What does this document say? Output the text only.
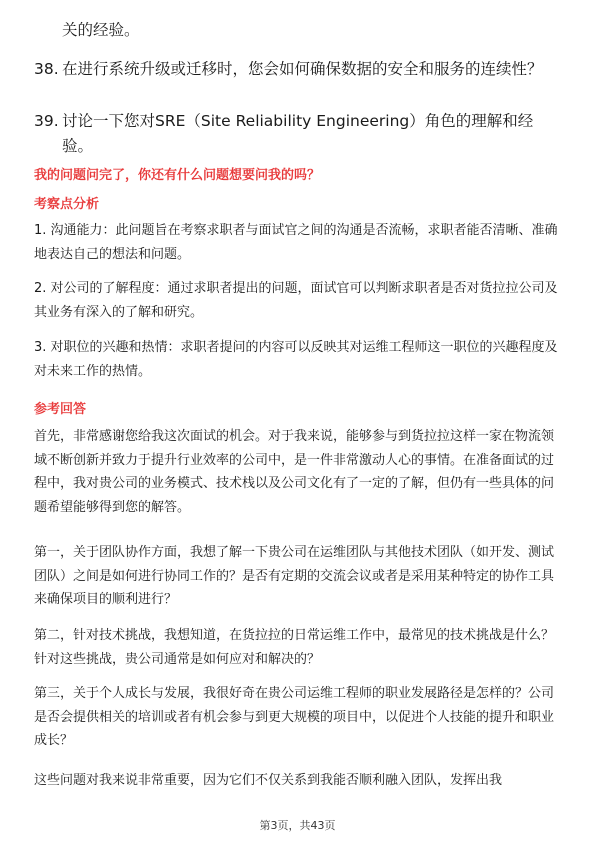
关的经验。
38. 在进行系统升级或迁移时，您会如何确保数据的安全和服务的连续性？
39. 讨论一下您对SRE（Site Reliability Engineering）角色的理解和经验。
我的问题问完了，你还有什么问题想要问我的吗？
考察点分析
1. 沟通能力：此问题旨在考察求职者与面试官之间的沟通是否流畅，求职者能否清晰、准确地表达自己的想法和问题。
2. 对公司的了解程度：通过求职者提出的问题，面试官可以判断求职者是否对货拉拉公司及其业务有深入的了解和研究。
3. 对职位的兴趣和热情：求职者提问的内容可以反映其对运维工程师这一职位的兴趣程度及对未来工作的热情。
参考回答
首先，非常感谢您给我这次面试的机会。对于我来说，能够参与到货拉拉这样一家在物流领域不断创新并致力于提升行业效率的公司中，是一件非常激动人心的事情。在准备面试的过程中，我对贵公司的业务模式、技术栈以及公司文化有了一定的了解，但仍有一些具体的问题希望能够得到您的解答。
第一，关于团队协作方面，我想了解一下贵公司在运维团队与其他技术团队（如开发、测试团队）之间是如何进行协同工作的？是否有定期的交流会议或者是采用某种特定的协作工具来确保项目的顺利进行？
第二，针对技术挑战，我想知道，在货拉拉的日常运维工作中，最常见的技术挑战是什么？针对这些挑战，贵公司通常是如何应对和解决的？
第三，关于个人成长与发展，我很好奇在贵公司运维工程师的职业发展路径是怎样的？公司是否会提供相关的培训或者有机会参与到更大规模的项目中，以促进个人技能的提升和职业成长？
这些问题对我来说非常重要，因为它们不仅关系到我能否顺利融入团队，发挥出我
第3页，共43页
